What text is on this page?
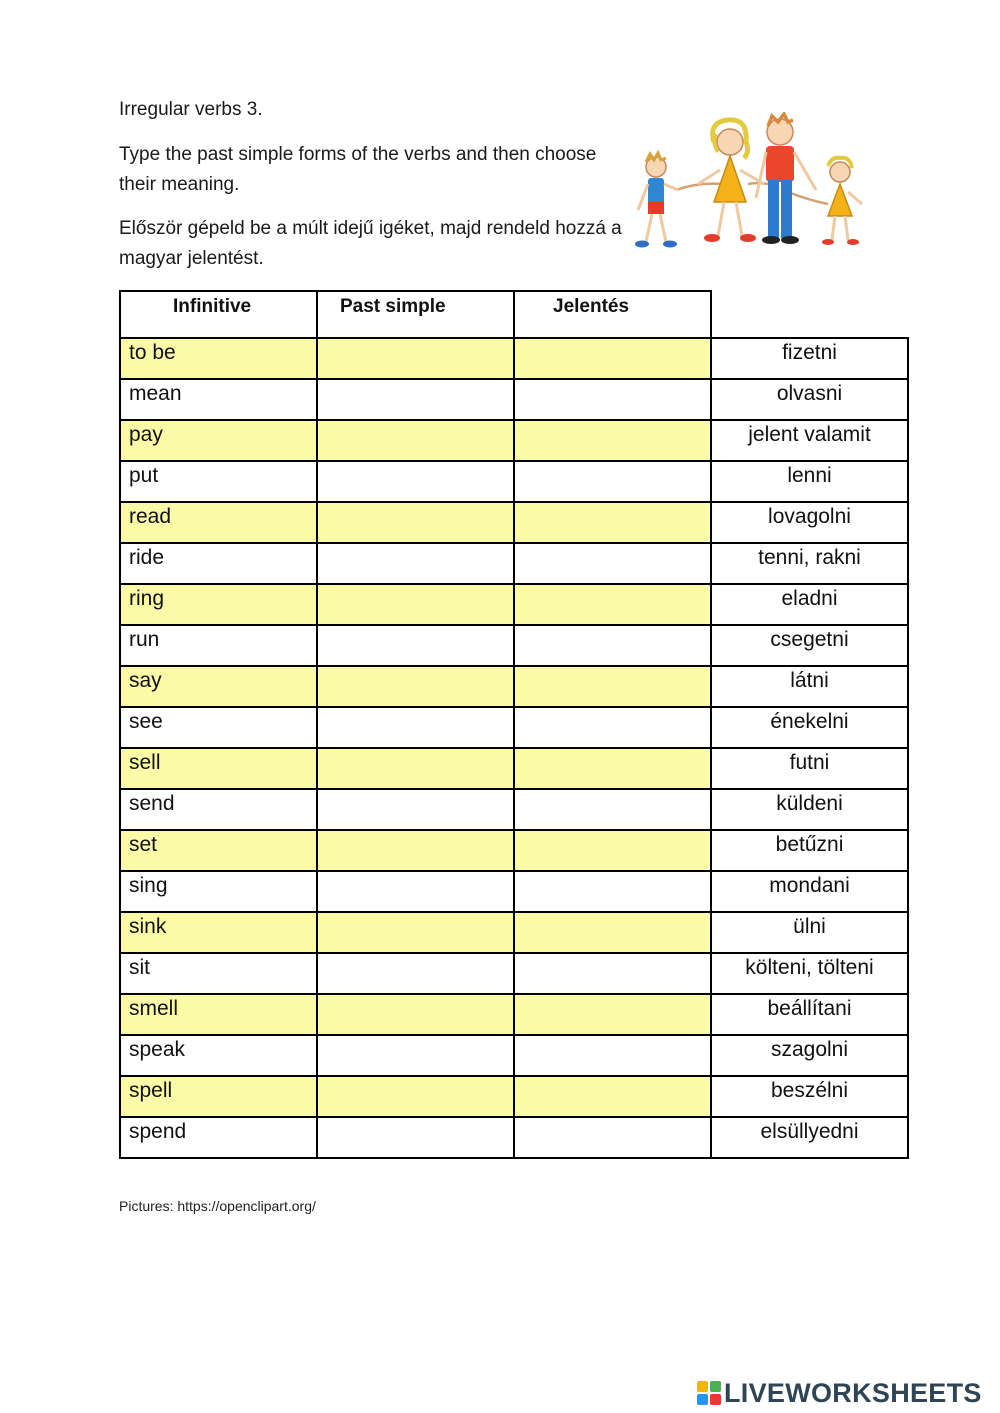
Irregular verbs 3.
Type the past simple forms of the verbs and then choose their meaning.
Először gépeld be a múlt idejű igéket, majd rendeld hozzá a magyar jelentést.
Infinitive	Past simple	Jelentés	
to be			fizetni
mean			olvasni
pay			jelent valamit
put			lenni
read			lovagolni
ride			tenni, rakni
ring			eladni
run			csegetni
say			látni
see			énekelni
sell			futni
send			küldeni
set			betűzni
sing			mondani
sink			ülni
sit			költeni, tölteni
smell			beállítani
speak			szagolni
spell			beszélni
spend			elsüllyedni
Pictures: https://openclipart.org/
LIVEWORKSHEETS
